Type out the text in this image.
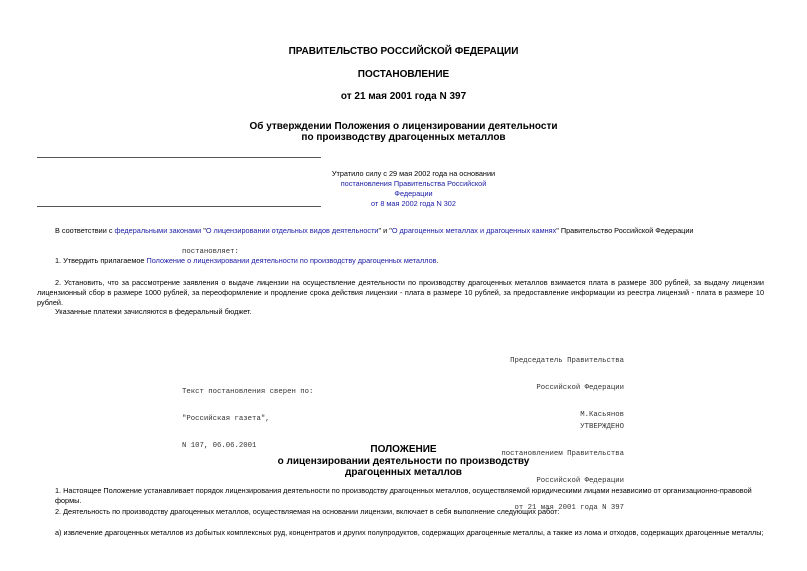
ПРАВИТЕЛЬСТВО РОССИЙСКОЙ ФЕДЕРАЦИИ
ПОСТАНОВЛЕНИЕ
от 21 мая 2001 года N 397
Об утверждении Положения о лицензировании деятельности
по производству драгоценных металлов
Утратило силу с 29 мая 2002 года на основании
постановления Правительства Российской Федерации
от 8 мая 2002 года N 302
В соответствии с федеральными законами "О лицензировании отдельных видов деятельности" и "О драгоценных металлах и драгоценных камнях" Правительство Российской Федерации
постановляет:
1. Утвердить прилагаемое Положение о лицензировании деятельности по производству драгоценных металлов.
2. Установить, что за рассмотрение заявления о выдаче лицензии на осуществление деятельности по производству драгоценных металлов взимается плата в размере 300 рублей, за выдачу лицензии лицензионный сбор в размере 1000 рублей, за переоформление и продление срока действия лицензии - плата в размере 10 рублей, за предоставление информации из реестра лицензий - плата в размере 10 рублей.
Указанные платежи зачисляются в федеральный бюджет.

Председатель Правительства

Российской Федерации

М.Касьянов

Текст постановления сверен по:

"Российская газета",

N 107, 06.06.2001

УТВЕРЖДЕНО

постановлением Правительства

Российской Федерации

от 21 мая 2001 года N 397

ПОЛОЖЕНИЕ
о лицензировании деятельности по производству
драгоценных металлов
1. Настоящее Положение устанавливает порядок лицензирования деятельности по производству драгоценных металлов, осуществляемой юридическими лицами независимо от организационно-правовой формы.
2. Деятельность по производству драгоценных металлов, осуществляемая на основании лицензии, включает в себя выполнение следующих работ:
а) извлечение драгоценных металлов из добытых комплексных руд, концентратов и других полупродуктов, содержащих драгоценные металлы, а также из лома и отходов, содержащих драгоценные металлы;
